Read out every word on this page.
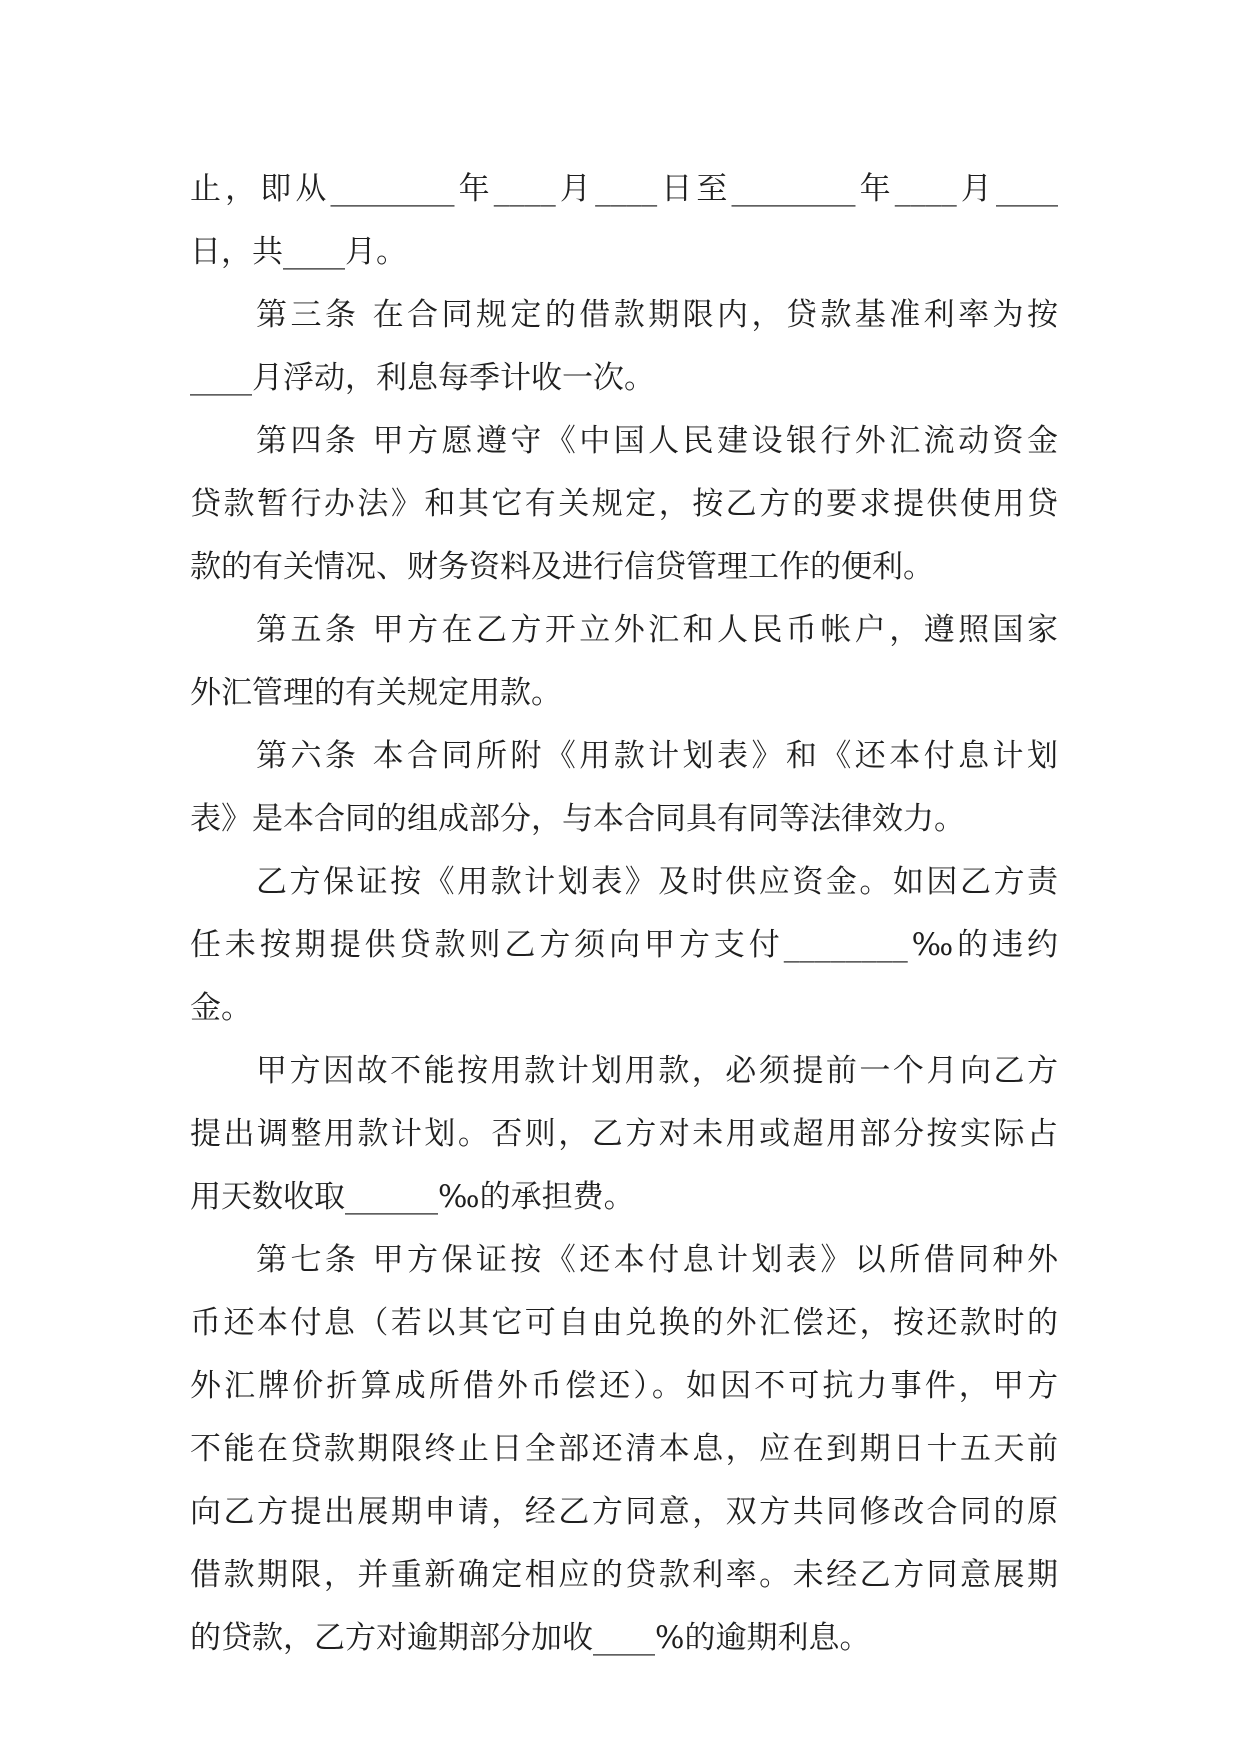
止，即从________年____月____日至________年____月____
日，共____月。
第三条 在合同规定的借款期限内，贷款基准利率为按
____月浮动，利息每季计收一次。
第四条 甲方愿遵守《中国人民建设银行外汇流动资金
贷款暂行办法》和其它有关规定，按乙方的要求提供使用贷
款的有关情况、财务资料及进行信贷管理工作的便利。
第五条 甲方在乙方开立外汇和人民币帐户，遵照国家
外汇管理的有关规定用款。
第六条 本合同所附《用款计划表》和《还本付息计划
表》是本合同的组成部分，与本合同具有同等法律效力。
乙方保证按《用款计划表》及时供应资金。如因乙方责
任未按期提供贷款则乙方须向甲方支付________‰的违约
金。
甲方因故不能按用款计划用款，必须提前一个月向乙方
提出调整用款计划。否则，乙方对未用或超用部分按实际占
用天数收取______‰的承担费。
第七条 甲方保证按《还本付息计划表》以所借同种外
币还本付息（若以其它可自由兑换的外汇偿还，按还款时的
外汇牌价折算成所借外币偿还）。如因不可抗力事件，甲方
不能在贷款期限终止日全部还清本息，应在到期日十五天前
向乙方提出展期申请，经乙方同意，双方共同修改合同的原
借款期限，并重新确定相应的贷款利率。未经乙方同意展期
的贷款，乙方对逾期部分加收____%的逾期利息。
